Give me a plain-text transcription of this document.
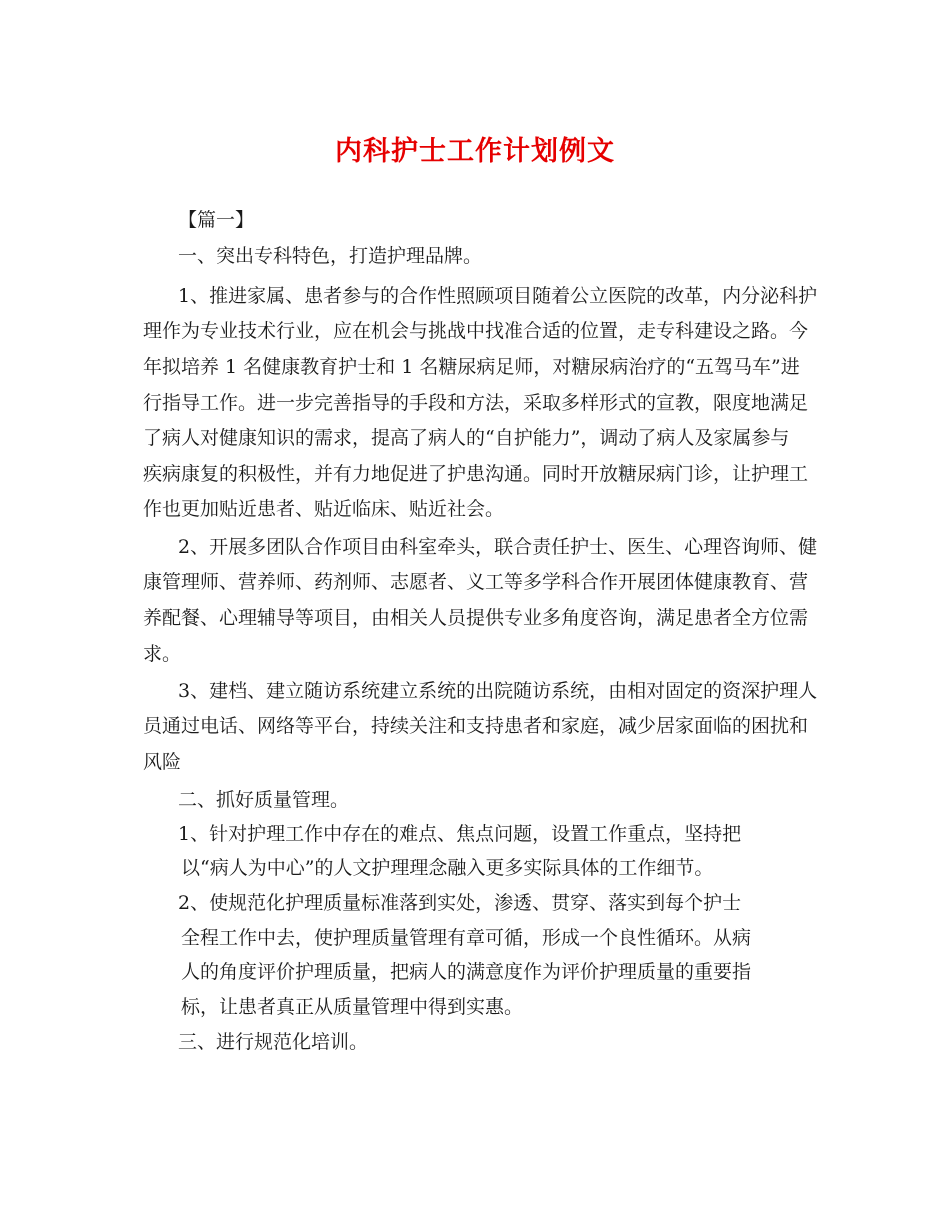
内科护士工作计划例文

【篇一】

一、突出专科特色，打造护理品牌。

1、推进家属、患者参与的合作性照顾项目随着公立医院的改革，内分泌科护

理作为专业技术行业，应在机会与挑战中找准合适的位置，走专科建设之路。今

年拟培养 1 名健康教育护士和 1 名糖尿病足师，对糖尿病治疗的“五驾马车”进

行指导工作。进一步完善指导的手段和方法，采取多样形式的宣教，限度地满足

了病人对健康知识的需求，提高了病人的“自护能力”，调动了病人及家属参与

疾病康复的积极性，并有力地促进了护患沟通。同时开放糖尿病门诊，让护理工

作也更加贴近患者、贴近临床、贴近社会。

2、开展多团队合作项目由科室牵头，联合责任护士、医生、心理咨询师、健

康管理师、营养师、药剂师、志愿者、义工等多学科合作开展团体健康教育、营

养配餐、心理辅导等项目，由相关人员提供专业多角度咨询，满足患者全方位需

求。

3、建档、建立随访系统建立系统的出院随访系统，由相对固定的资深护理人

员通过电话、网络等平台，持续关注和支持患者和家庭，减少居家面临的困扰和

风险

二、抓好质量管理。

1、针对护理工作中存在的难点、焦点问题，设置工作重点，坚持把

以“病人为中心”的人文护理理念融入更多实际具体的工作细节。

2、使规范化护理质量标准落到实处，渗透、贯穿、落实到每个护士

全程工作中去，使护理质量管理有章可循，形成一个良性循环。从病

人的角度评价护理质量，把病人的满意度作为评价护理质量的重要指

标，让患者真正从质量管理中得到实惠。

三、进行规范化培训。
